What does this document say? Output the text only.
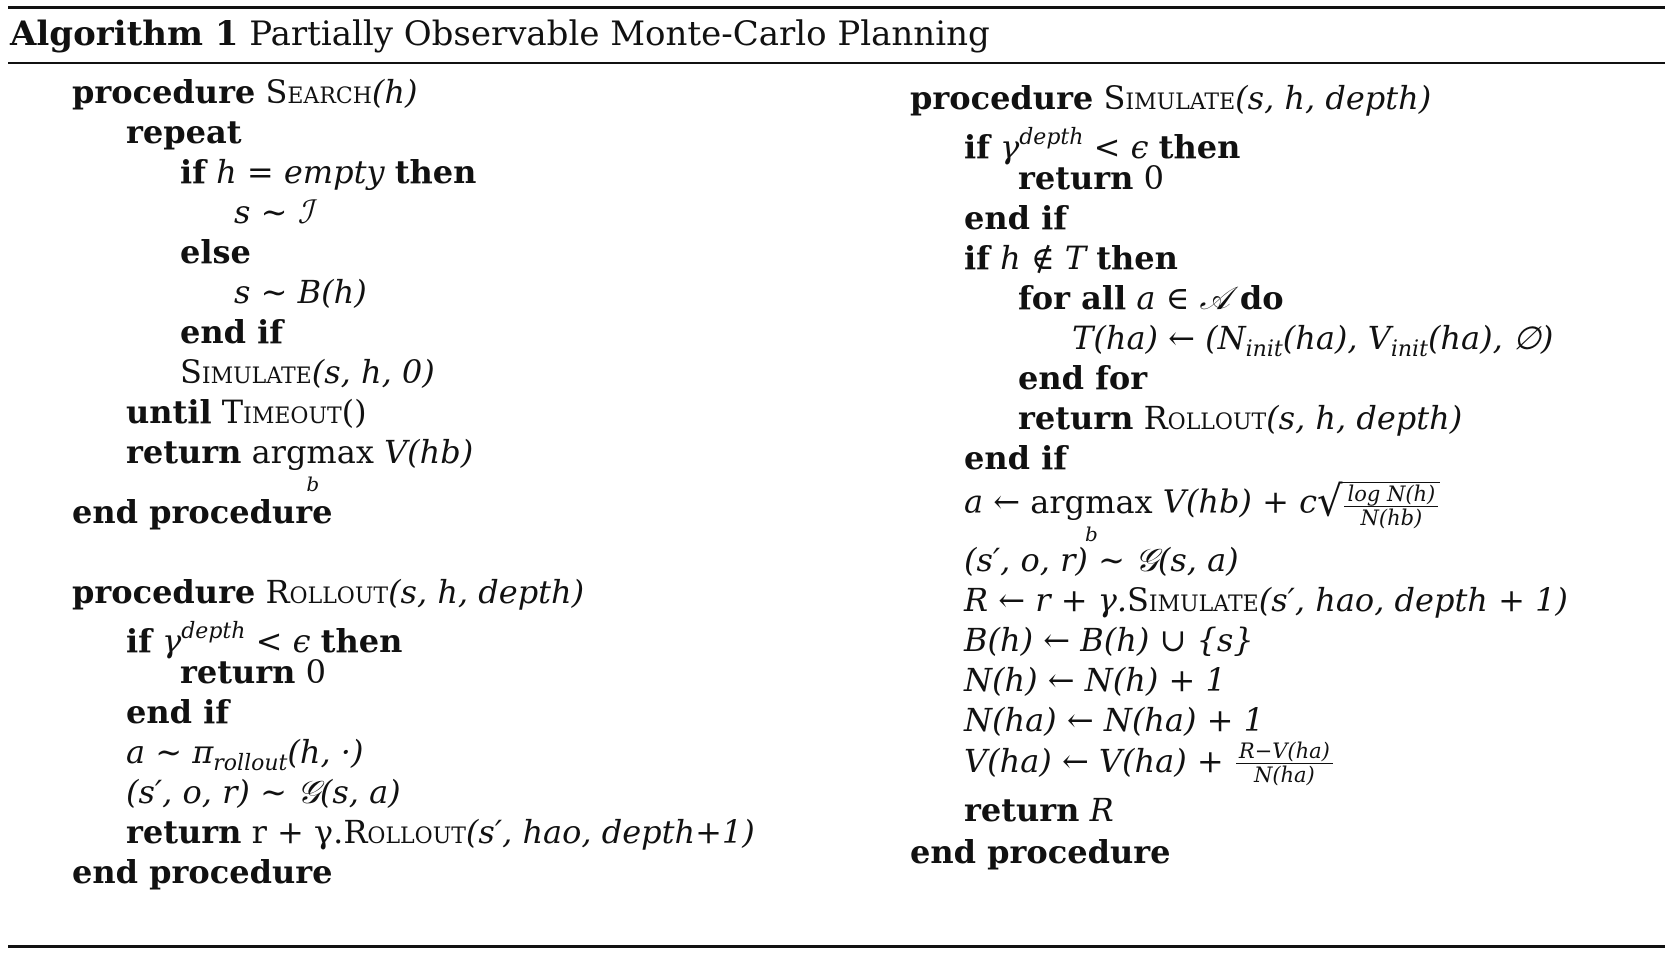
Algorithm 1 Partially Observable Monte-Carlo Planning
procedure Search(h)
repeat
if h = empty then
s ∼ ℐ
else
s ∼ B(h)
end if
Simulate(s, h, 0)
until Timeout()
return argmax
b
V(hb)
end procedure
procedure Rollout(s, h, depth)
if $\gamma^{depth} < \epsilon$ then
return 0
end if
a ∼ $\pi_{rollout}(h$, ·)
(s′, o, r) ∼ 𝒢(s, a)
return r + γ.Rollout(s′, hao, depth+1)
end procedure
procedure Simulate(s, h, depth)
if $\gamma^{depth} < \epsilon$ then
return 0
end if
if h ∉ T then
for all a ∈ 𝒜 do
T(ha) ← ($N_{init}(ha)$, $V_{init}(ha)$, ∅)
end for
return Rollout(s, h, depth)
end if
a ← argmax
b
V(hb) + c √ $\frac{\text{log N(h)}}{N(hb)}$
(s′, o, r) ∼ 𝒢(s, a)
R ← r + γ.Simulate(s′, hao, depth + 1)
B(h) ← B(h) ∪ {s}
N(h) ← N(h) + 1
N(ha) ← N(ha) + 1
V(ha) ← $V(ha) + \frac{R-V(ha)}{N(ha)}$
return R
end procedure
